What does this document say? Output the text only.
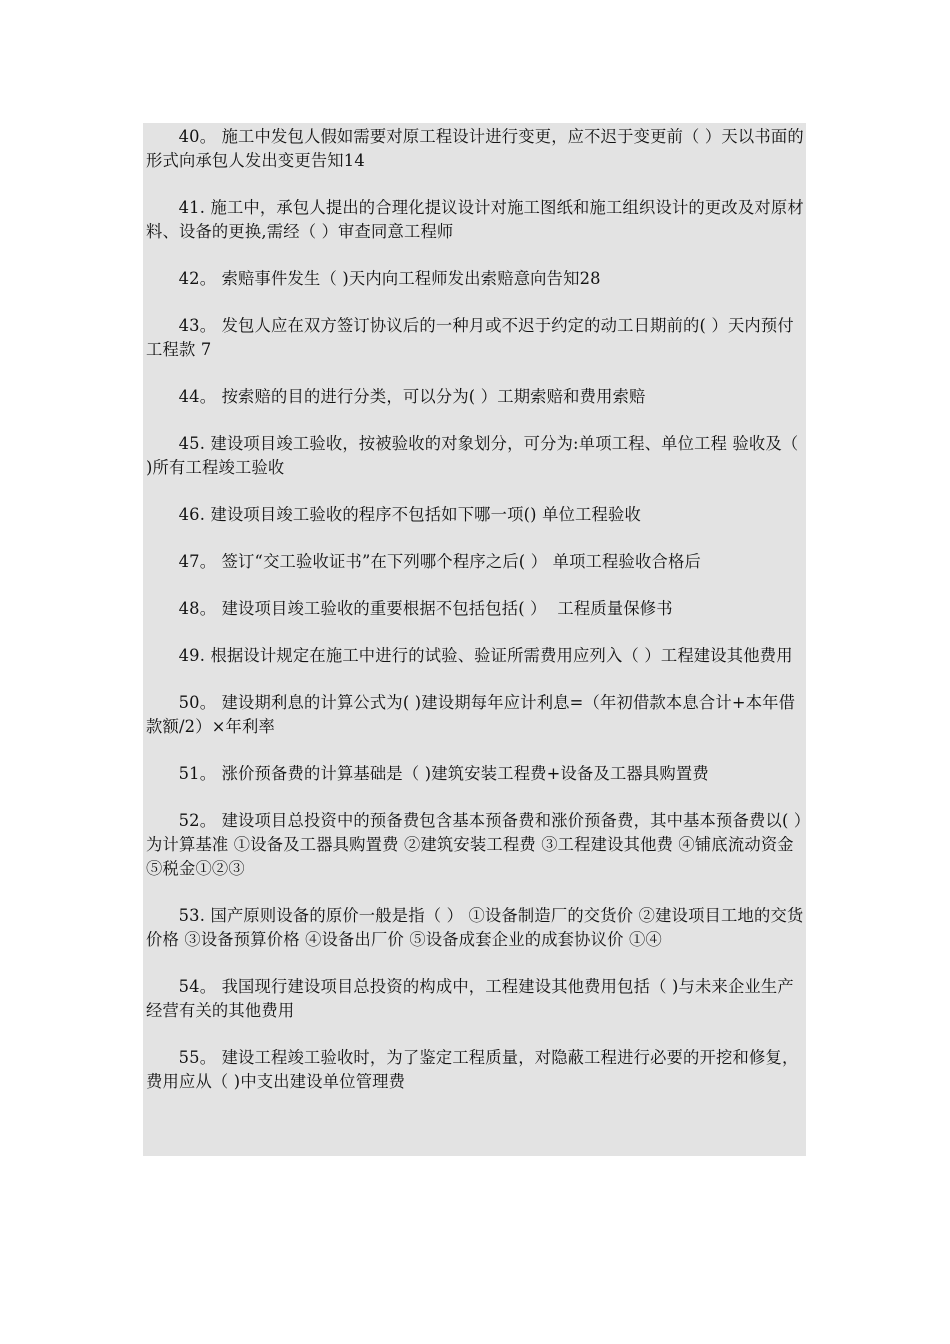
40。 施工中发包人假如需要对原工程设计进行变更，应不迟于变更前（ ）天以书面的形式向承包人发出变更告知14

41. 施工中，承包人提出的合理化提议设计对施工图纸和施工组织设计的更改及对原材料、设备的更换,需经（ ）审查同意工程师

42。 索赔事件发生（ )天内向工程师发出索赔意向告知28

43。 发包人应在双方签订协议后的一种月或不迟于约定的动工日期前的( ）天内预付工程款 7

44。 按索赔的目的进行分类，可以分为( ）工期索赔和费用索赔

45. 建设项目竣工验收，按被验收的对象划分，可分为:单项工程、单位工程 验收及（ )所有工程竣工验收

46. 建设项目竣工验收的程序不包括如下哪一项() 单位工程验收

47。 签订“交工验收证书”在下列哪个程序之后( ） 单项工程验收合格后

48。 建设项目竣工验收的重要根据不包括包括( ）  工程质量保修书

49. 根据设计规定在施工中进行的试验、验证所需费用应列入（ ）工程建设其他费用

50。 建设期利息的计算公式为( )建设期每年应计利息=（年初借款本息合计+本年借款额/2）×年利率

51。 涨价预备费的计算基础是（ )建筑安装工程费+设备及工器具购置费

52。 建设项目总投资中的预备费包含基本预备费和涨价预备费，其中基本预备费以( ）为计算基准 ①设备及工器具购置费 ②建筑安装工程费 ③工程建设其他费 ④铺底流动资金 ⑤税金①②③

53. 国产原则设备的原价一般是指（ ） ①设备制造厂的交货价 ②建设项目工地的交货价格 ③设备预算价格 ④设备出厂价 ⑤设备成套企业的成套协议价 ①④

54。 我国现行建设项目总投资的构成中，工程建设其他费用包括（ )与未来企业生产经营有关的其他费用

55。 建设工程竣工验收时，为了鉴定工程质量，对隐蔽工程进行必要的开挖和修复，费用应从（ )中支出建设单位管理费
